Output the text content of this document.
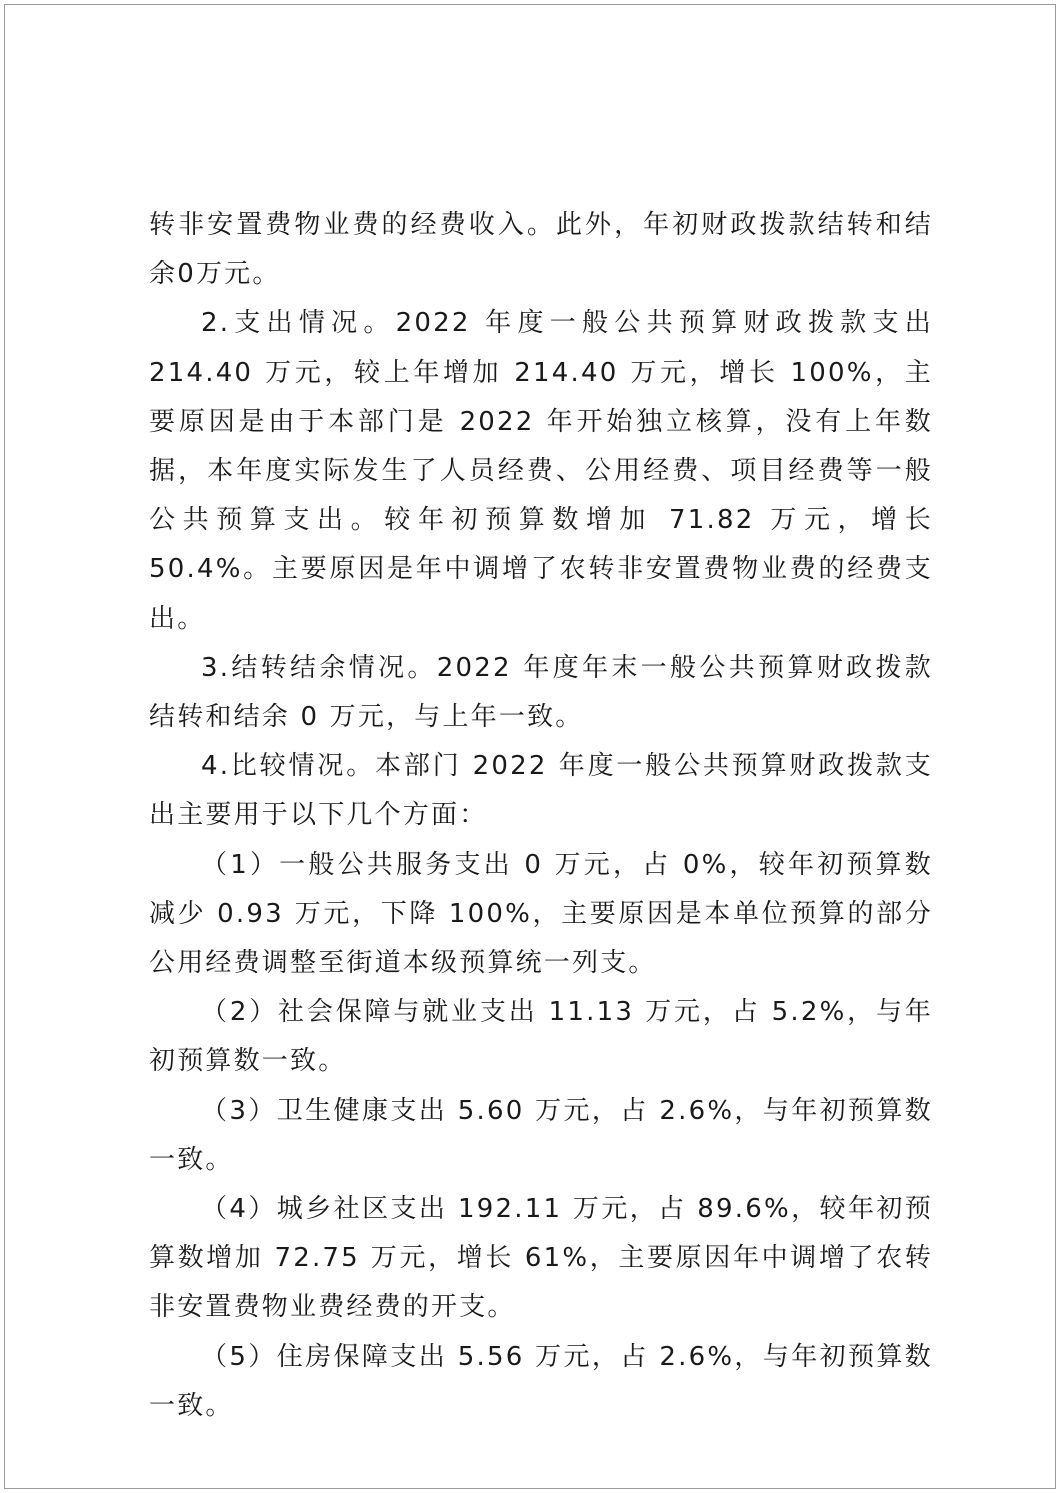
转非安置费物业费的经费收入。此外，年初财政拨款结转和结余0万元。

2.支出情况。2022 年度一般公共预算财政拨款支出 214.40 万元，较上年增加 214.40 万元，增长 100%，主要原因是由于本部门是 2022 年开始独立核算，没有上年数据，本年度实际发生了人员经费、公用经费、项目经费等一般公共预算支出。较年初预算数增加 71.82 万元，增长 50.4%。主要原因是年中调增了农转非安置费物业费的经费支出。

3.结转结余情况。2022 年度年末一般公共预算财政拨款结转和结余 0 万元，与上年一致。

4.比较情况。本部门 2022 年度一般公共预算财政拨款支出主要用于以下几个方面：

（1）一般公共服务支出 0 万元，占 0%，较年初预算数减少 0.93 万元，下降 100%，主要原因是本单位预算的部分公用经费调整至街道本级预算统一列支。

（2）社会保障与就业支出 11.13 万元，占 5.2%，与年初预算数一致。

（3）卫生健康支出 5.60 万元，占 2.6%，与年初预算数一致。

（4）城乡社区支出 192.11 万元，占 89.6%，较年初预算数增加 72.75 万元，增长 61%，主要原因年中调增了农转非安置费物业费经费的开支。

（5）住房保障支出 5.56 万元，占 2.6%，与年初预算数一致。
